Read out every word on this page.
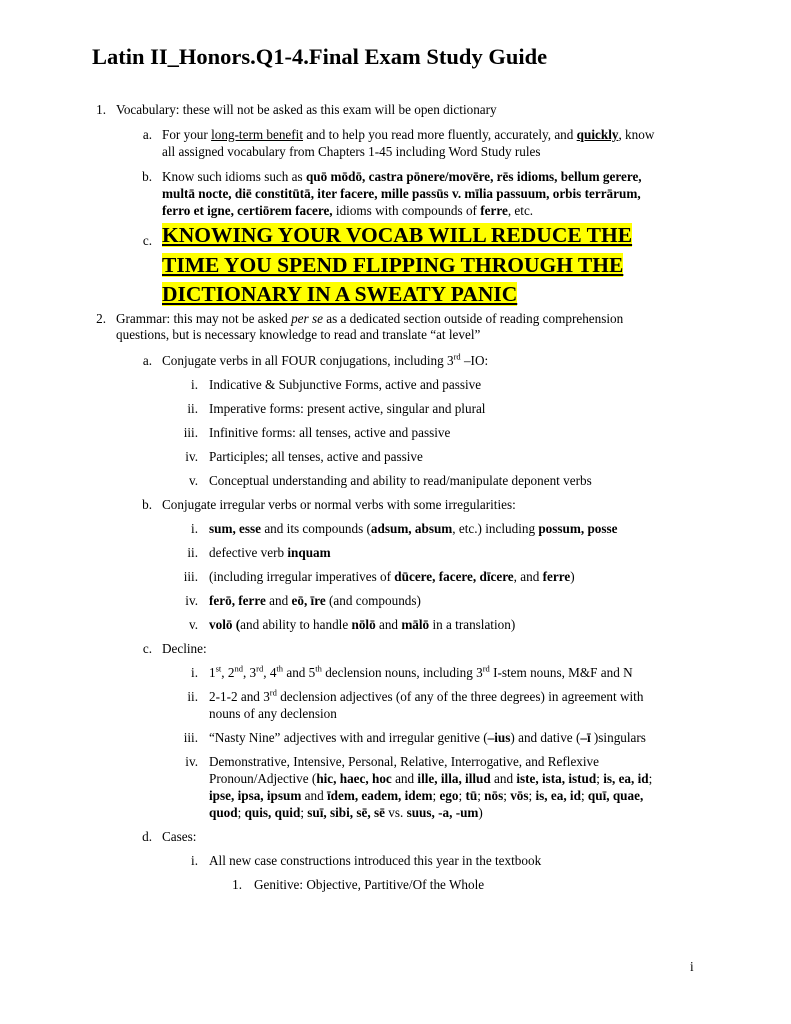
Latin II_Honors.Q1-4.Final Exam Study Guide
1. Vocabulary: these will not be asked as this exam will be open dictionary
a. For your long-term benefit and to help you read more fluently, accurately, and quickly, know
all assigned vocabulary from Chapters 1-45 including Word Study rules
b. Know such idioms such as quō mōdō, castra pōnere/movēre, rēs idioms, bellum gerere,
multā nocte, diē constitūtā, iter facere, mille passūs v. mīlia passuum, orbis terrārum,
ferro et igne, certiōrem facere, idioms with compounds of ferre, etc.
c. KNOWING YOUR VOCAB WILL REDUCE THE
TIME YOU SPEND FLIPPING THROUGH THE
DICTIONARY IN A SWEATY PANIC
2. Grammar: this may not be asked per se as a dedicated section outside of reading comprehension
questions, but is necessary knowledge to read and translate “at level”
a. Conjugate verbs in all FOUR conjugations, including 3rd –IO:
i. Indicative & Subjunctive Forms, active and passive
ii. Imperative forms: present active, singular and plural
iii. Infinitive forms: all tenses, active and passive
iv. Participles; all tenses, active and passive
v. Conceptual understanding and ability to read/manipulate deponent verbs
b. Conjugate irregular verbs or normal verbs with some irregularities:
i. sum, esse and its compounds (adsum, absum, etc.) including possum, posse
ii. defective verb inquam
iii. (including irregular imperatives of dūcere, facere, dīcere, and ferre)
iv. ferō, ferre and eō, īre (and compounds)
v. volō (and ability to handle nōlō and mālō in a translation)
c. Decline:
i. 1st, 2nd, 3rd, 4th and 5th declension nouns, including 3rd I-stem nouns, M&F and N
ii. 2-1-2 and 3rd declension adjectives (of any of the three degrees) in agreement with
nouns of any declension
iii. “Nasty Nine” adjectives with and irregular genitive (–ius) and dative (–ī )singulars
iv. Demonstrative, Intensive, Personal, Relative, Interrogative, and Reflexive
Pronoun/Adjective (hic, haec, hoc and ille, illa, illud and iste, ista, istud; is, ea, id;
ipse, ipsa, ipsum and īdem, eadem, idem; ego; tū; nōs; vōs; is, ea, id; quī, quae,
quod; quis, quid; suī, sibi, sē, sē vs. suus, -a, -um)
d. Cases:
i. All new case constructions introduced this year in the textbook
1. Genitive: Objective, Partitive/Of the Whole
i
